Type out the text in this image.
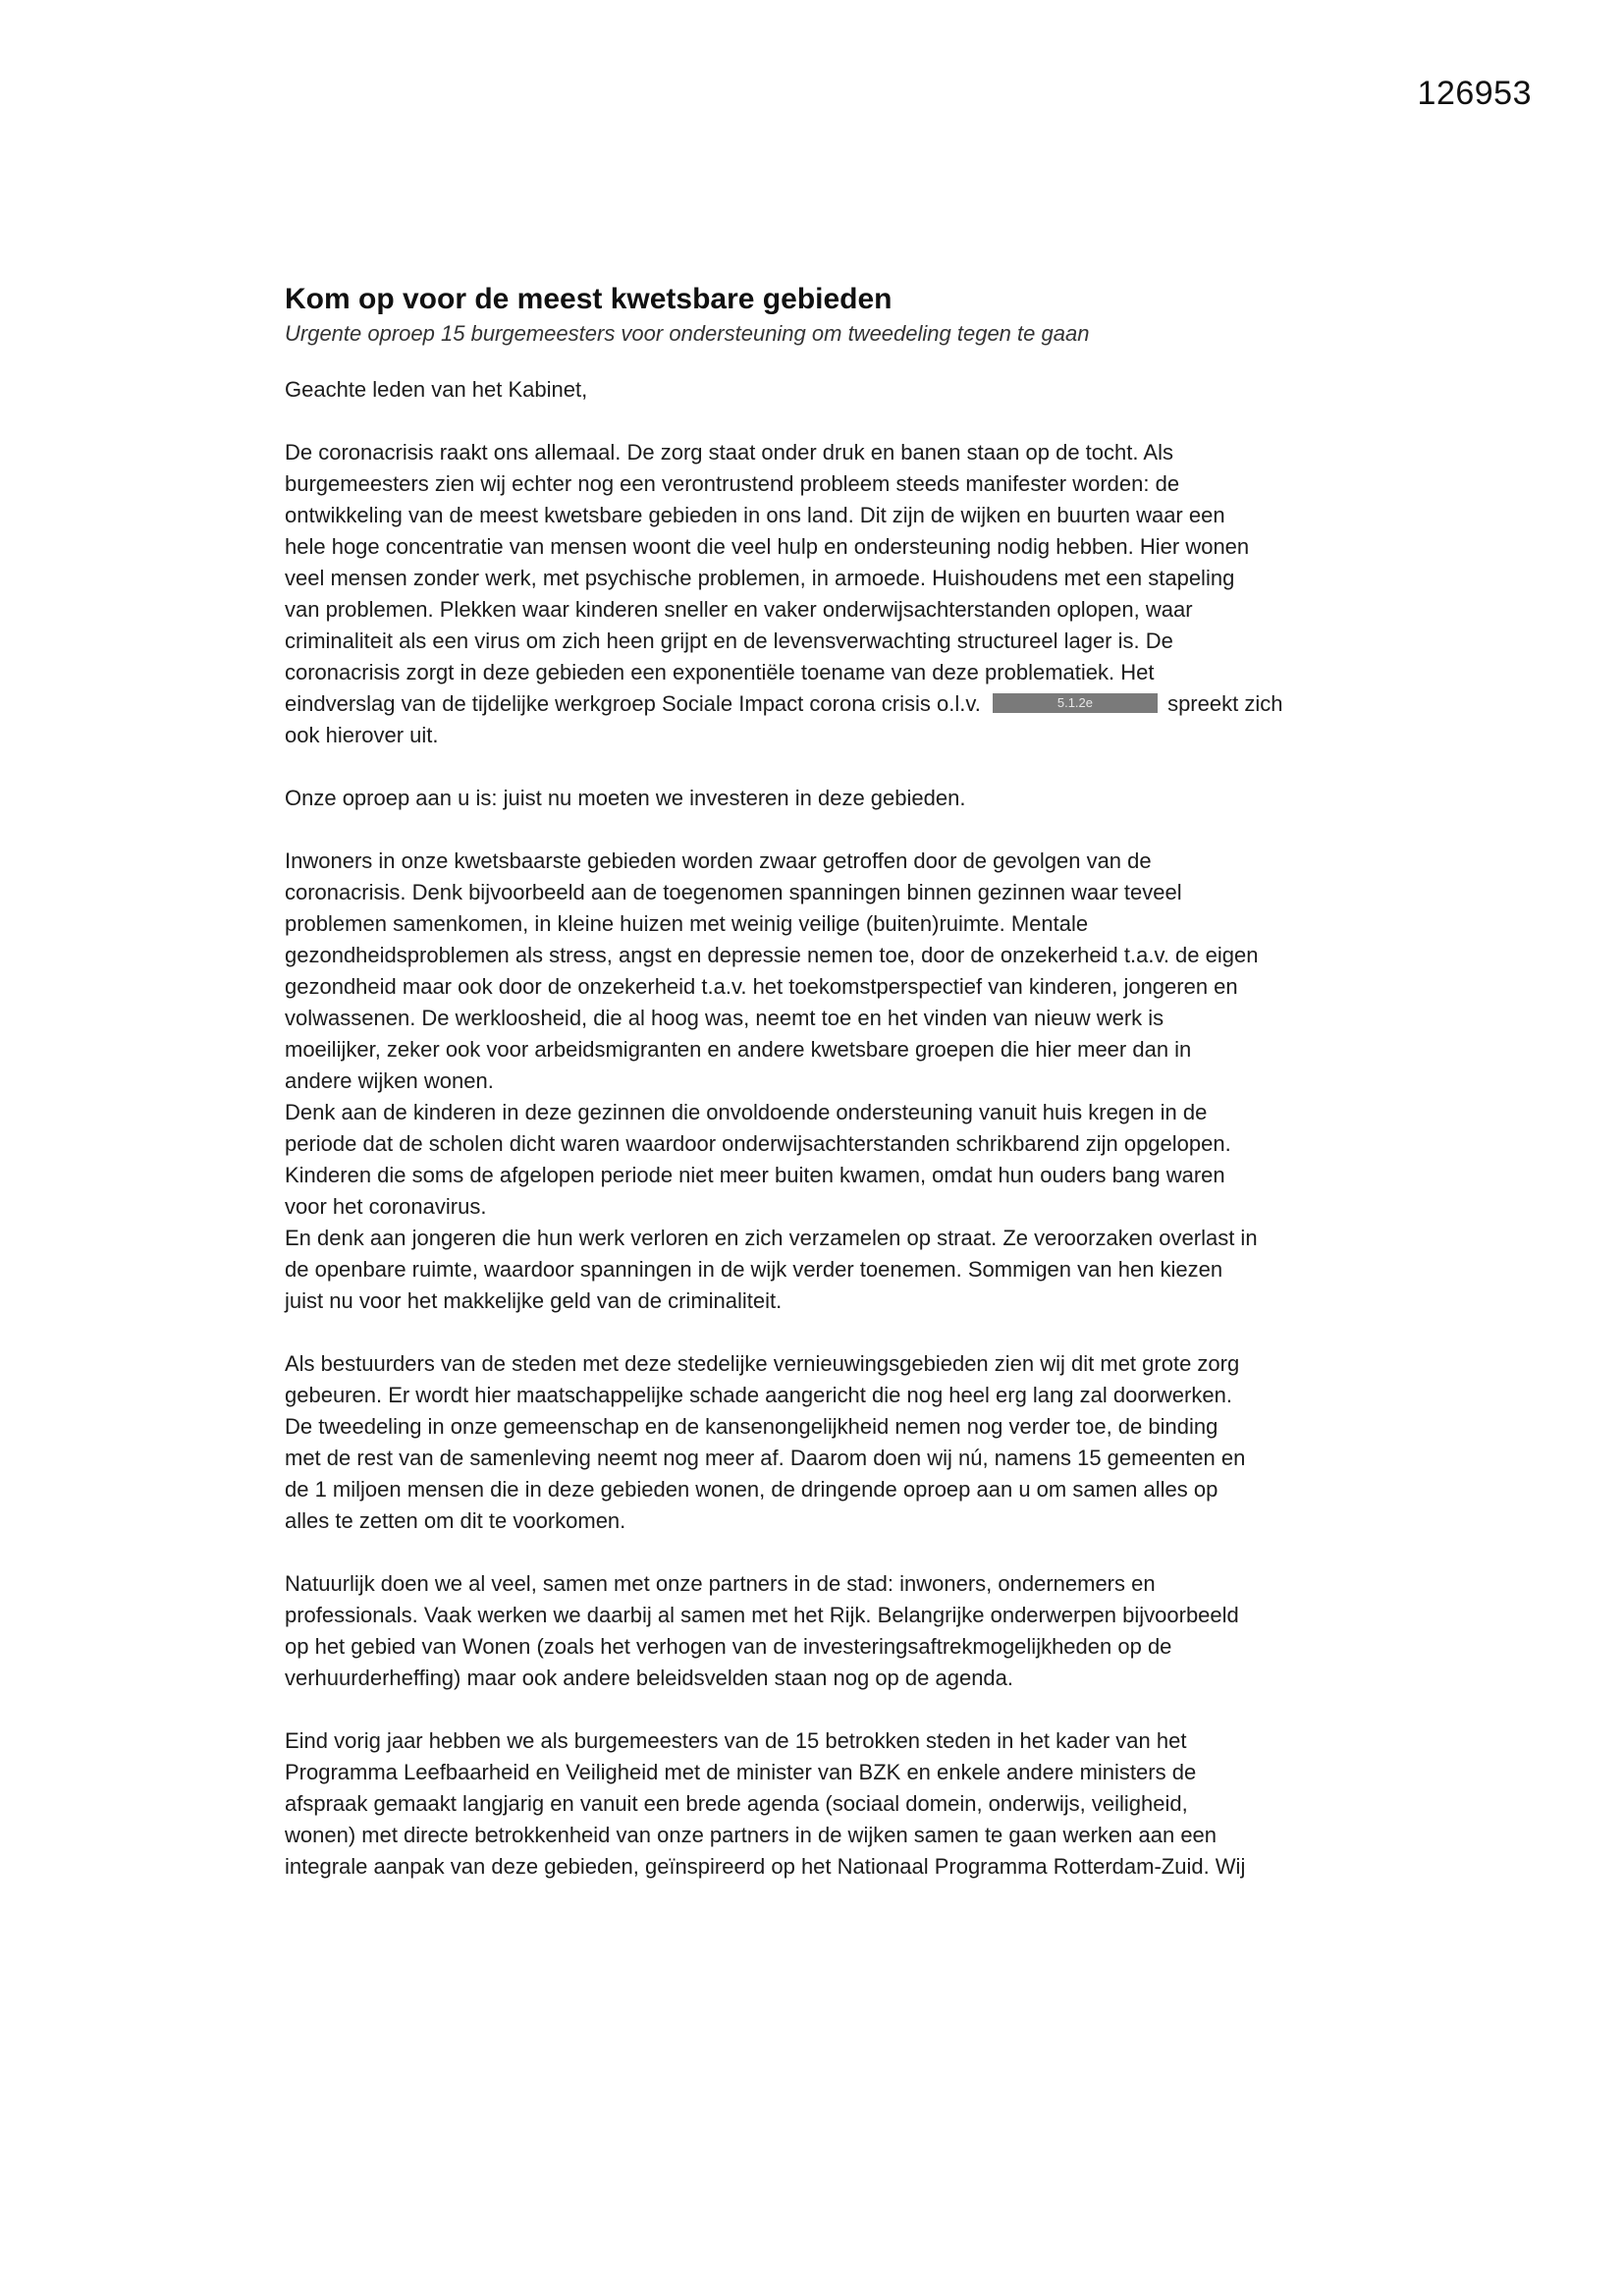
126953
Kom op voor de meest kwetsbare gebieden

Urgente oproep 15 burgemeesters voor ondersteuning om tweedeling tegen te gaan

Geachte leden van het Kabinet,

De coronacrisis raakt ons allemaal. De zorg staat onder druk en banen staan op de tocht. Als
burgemeesters zien wij echter nog een verontrustend probleem steeds manifester worden: de
ontwikkeling van de meest kwetsbare gebieden in ons land. Dit zijn de wijken en buurten waar een
hele hoge concentratie van mensen woont die veel hulp en ondersteuning nodig hebben. Hier wonen
veel mensen zonder werk, met psychische problemen, in armoede. Huishoudens met een stapeling
van problemen. Plekken waar kinderen sneller en vaker onderwijsachterstanden oplopen, waar
criminaliteit als een virus om zich heen grijpt en de levensverwachting structureel lager is. De
coronacrisis zorgt in deze gebieden een exponentiële toename van deze problematiek. Het
eindverslag van de tijdelijke werkgroep Sociale Impact corona crisis o.l.v.	5.1.2e	spreekt zich
ook hierover uit.

Onze oproep aan u is: juist nu moeten we investeren in deze gebieden.

Inwoners in onze kwetsbaarste gebieden worden zwaar getroffen door de gevolgen van de
coronacrisis. Denk bijvoorbeeld aan de toegenomen spanningen binnen gezinnen waar teveel
problemen samenkomen, in kleine huizen met weinig veilige (buiten)ruimte. Mentale
gezondheidsproblemen als stress, angst en depressie nemen toe, door de onzekerheid t.a.v. de eigen
gezondheid maar ook door de onzekerheid t.a.v. het toekomstperspectief van kinderen, jongeren en
volwassenen. De werkloosheid, die al hoog was, neemt toe en het vinden van nieuw werk is
moeilijker, zeker ook voor arbeidsmigranten en andere kwetsbare groepen die hier meer dan in
andere wijken wonen.
Denk aan de kinderen in deze gezinnen die onvoldoende ondersteuning vanuit huis kregen in de
periode dat de scholen dicht waren waardoor onderwijsachterstanden schrikbarend zijn opgelopen.
Kinderen die soms de afgelopen periode niet meer buiten kwamen, omdat hun ouders bang waren
voor het coronavirus.
En denk aan jongeren die hun werk verloren en zich verzamelen op straat. Ze veroorzaken overlast in
de openbare ruimte, waardoor spanningen in de wijk verder toenemen. Sommigen van hen kiezen
juist nu voor het makkelijke geld van de criminaliteit.

Als bestuurders van de steden met deze stedelijke vernieuwingsgebieden zien wij dit met grote zorg
gebeuren. Er wordt hier maatschappelijke schade aangericht die nog heel erg lang zal doorwerken.
De tweedeling in onze gemeenschap en de kansenongelijkheid nemen nog verder toe, de binding
met de rest van de samenleving neemt nog meer af. Daarom doen wij nú, namens 15 gemeenten en
de 1 miljoen mensen die in deze gebieden wonen, de dringende oproep aan u om samen alles op
alles te zetten om dit te voorkomen.

Natuurlijk doen we al veel, samen met onze partners in de stad: inwoners, ondernemers en
professionals. Vaak werken we daarbij al samen met het Rijk. Belangrijke onderwerpen bijvoorbeeld
op het gebied van Wonen (zoals het verhogen van de investeringsaftrekmogelijkheden op de
verhuurderheffing) maar ook andere beleidsvelden staan nog op de agenda.

Eind vorig jaar hebben we als burgemeesters van de 15 betrokken steden in het kader van het
Programma Leefbaarheid en Veiligheid met de minister van BZK en enkele andere ministers de
afspraak gemaakt langjarig en vanuit een brede agenda (sociaal domein, onderwijs, veiligheid,
wonen) met directe betrokkenheid van onze partners in de wijken samen te gaan werken aan een
integrale aanpak van deze gebieden, geïnspireerd op het Nationaal Programma Rotterdam-Zuid. Wij
